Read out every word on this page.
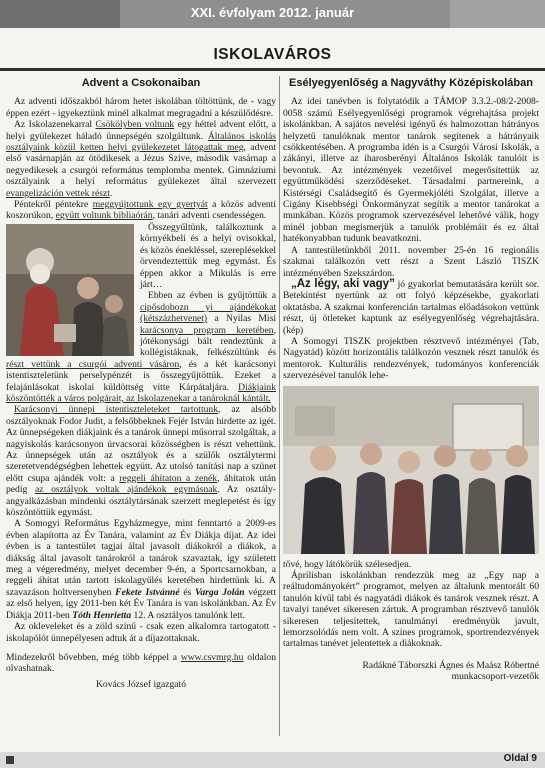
XXI. évfolyam 2012. január
ISKOLAVÁROS
Advent a Csokonaiban

Az adventi időszakból három hetet iskolában töltöttünk, de - vagy éppen ezért - igyekeztünk minél alkalmat megragadni a készülődésre.

Az Iskolazenekarral Csökölyben voltunk egy héttel advent előtt, a helyi gyülekezet háladó ünnepségén szolgáltunk. Általános iskolás osztályaink közül ketten helyi gyülekezetet látogattak meg, advent első vasárnapján az ötödikesek a Jézus Szíve, második vasárnap a negyedikesek a csurgói református templomba mentek. Gimnáziumi osztályaink a helyi református gyülekezet által szervezett evangelizáción vettek részt.

Péntekről péntekre meggyújtottunk egy gyertyát a közös adventi koszorúkon, együtt voltunk bibliaórán, tanári adventi csendességen.

Összegyűltünk, találkoztunk a környékbeli és a helyi ovisokkal, és közös énekléssel, szereplésekkel örvendeztettük meg egymást. És éppen akkor a Mikulás is erre járt…

Ebben az évben is gyűjtöttük a cipősdobozn yi ajándékokat (kétszázhetvenet) a Nyilas Misi karácsonya program keretében, jótékonysági bált rendeztünk a kollégistáknak, felkészültünk és részt vettünk a csurgói adventi vásáron, és a két karácsonyi istentiszteletünk perselypénzét is összegyűjtöttük. Ezeket a felajánlásokat iskolai küldöttség vitte Kárpátaljára. Diákjaink köszöntötték a város polgárait, az Iskolazenekar a tanároknál kántált.

Karácsonyi ünnepi istentiszteleteket tartottunk, az alsóbb osztályoknak Fodor Judit, a felsőbbeknek Fejér István hirdette az igét. Az ünnepségeken diákjaink és a tanárok ünnepi műsorral szolgáltak, a nagyiskolás karácsonyon úrvacsorai közösségben is részt vehettünk. Az ünnepségek után az osztályok és a szülők osztálytermi szeretetvendégségben lehettek együtt. Az utolsó tanítási nap a szünet előtt csupa ajándék volt: a reggeli áhítaton a zenék, áhítatok után pedig az osztályok voltak ajándékok egymásnak. Az osztály-angyalkázásban mindenki osztálytársának szerzett meglepetést és így köszöntöttük egymást.

A Somogyi Református Egyházmegye, mint fenntartó a 2009-es évben alapította az Év Tanára, valamint az Év Diákja díjat. Az idei évben is a tantestület tagjai által javasolt diákokról a diákok, a diákság által javasolt tanárokról a tanárok szavaztak, így született meg a végeredmény, melyet december 9-én, a Sportcsarnokban, a reggeli áhítat után tartott iskolagyűlés keretében hirdettünk ki. A szavazáson holtversenyben Fekete Istvánné és Varga Jolán végzett az első helyen, így 2011-ben két Év Tanára is van iskolánkban. Az Év Diákja 2011-ben Tóth Henrietta 12. A osztályos tanulónk lett.

Az okleveleket és a zöld színű - csak ezen alkalomra tartogatott - iskolapólót ünnepélyesen adtuk át a díjazottaknak.

Mindezekről bővebben, még több képpel a www.csvmrg.hu oldalon olvashatnak.

Kovács József igazgató
Esélyegyenlőség a Nagyváthy Középiskolában

Az idei tanévben is folytatódik a TÁMOP 3.3.2.-08/2-2008-0058 számú Esélyegyenlőségi programok végrehajtása projekt iskolánkban. A sajátos nevelési igényű és halmozottan hátrányos helyzetű tanulóknak mentor tanárok segítenek a hátrányaik csökkentésében. A programba idén is a Csurgói Városi Iskolák, a zákányi, illetve az iharosberényi Általános Iskolák tanulóit is bevontuk. Az intézmények vezetőivel megerősítettük az együttműködési szerződéseket. Társadalmi partnereink, a Kistérségi Családsegítő és Gyermekjóléti Szolgálat, illetve a Cigány Kisebbségi Önkormányzat segítik a mentor tanárokat a munkában. Közös programok szervezésével lehetővé válik, hogy minél jobban megismerjük a tanulók problémáit és ez által hatékonyabban tudunk beavatkozni.

A tantestületünkből 2011. november 25-én 16 regionális szakmai találkozón vett részt a Szent László TISZK intézményében Szekszárdon.

„Az légy, aki vagy” jó gyakorlat bemutatására került sor. Betekintést nyertünk az ott folyó képzésekbe, gyakorlati oktatásba. A szakmai konferencián tartalmas előadásokon vettünk részt, új ötleteket kaptunk az esélyegyenlőség végrehajtására. (kép)

A Somogyi TISZK projektben résztvevő intézményei (Tab, Nagyatád) között horizontális találkozón vesznek részt tanulók és mentorok. Kulturális rendezvények, tudományos konferenciák szervezésével tanulók lehe-

tővé, hogy látókörük szélesedjen.

Áprilisban iskolánkban rendezzük meg az „Egy nap a reáltudományokért” programot, melyen az általunk mentorált 60 tanulón kívül tabi és nagyatádi diákok és tanárok vesznek részt. A tavalyi tanévet sikeresen zártuk. A programban résztvevő tanulók sikeresen teljesítettek, tanulmányi eredményük javult, lemorzsolódás nem volt. A színes programok, sportrendezvények tartalmas tanévet jelentettek a diákoknak.

Radákné Táborszki Ágnes és Maász Róbertné
munkacsoport-vezetők
Oldal 9
